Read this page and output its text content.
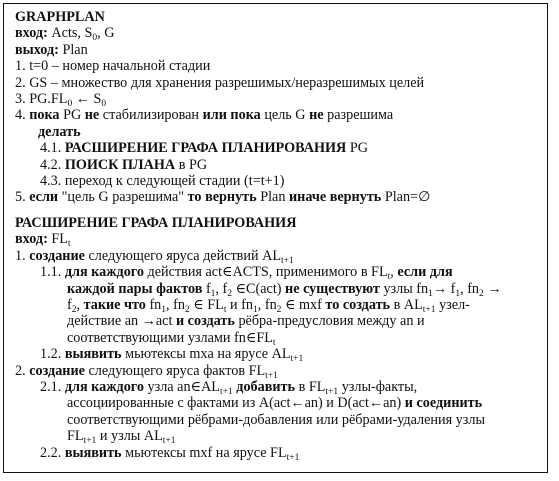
GRAPHPLAN
вход: Acts, $S_0$, G
выход: Plan
1. t=0 – номер начальной стадии
2. GS – множество для хранения разрешимых/неразрешимых целей
3. $PG.FL_0$ ← $S_0$
4. пока PG не стабилизирован или пока цель G не разрешима
делать
4.1. РАСШИРЕНИЕ ГРАФА ПЛАНИРОВАНИЯ PG
4.2. ПОИСК ПЛАНА в PG
4.3. переход к следующей стадии (t=t+1)
5. если "цель G разрешима" то вернуть Plan иначе вернуть Plan=∅
РАСШИРЕНИЕ ГРАФА ПЛАНИРОВАНИЯ
вход: $FL_t$
1. создание следующего яруса действий $AL_{t+1}$
1.1. для каждого действия act∈ACTS, применимого в $FL_t$, если для
каждой пары фактов $f_1$, $f_2$ ∈C(act) не существуют узлы $fn_1\to f_1$, $fn_2$ →
$f_2$, такие что $fn_1$, $fn_2$ ∈ $FL_t$ и $fn_1$, $fn_2$ ∈ mxf то создать в $AL_{t+1}$ узел-
действие an →act и создать рёбра-предусловия между an и
соответствующими узлами $fn\in FL_t$
1.2. выявить мьютексы mxa на ярусе $AL_{t+1}$
2. создание следующего яруса фактов $FL_{t+1}$
2.1. для каждого узла $an\in AL_{t+1}$ добавить в $FL_{t+1}$ узлы-факты,
ассоциированные с фактами из A(act←an) и D(act←an) и соединить
соответствующими рёбрами-добавления или рёбрами-удаления узлы
$FL_{t+1}$ и узлы $AL_{t+1}$
2.2. выявить мьютексы mxf на ярусе $FL_{t+1}$
